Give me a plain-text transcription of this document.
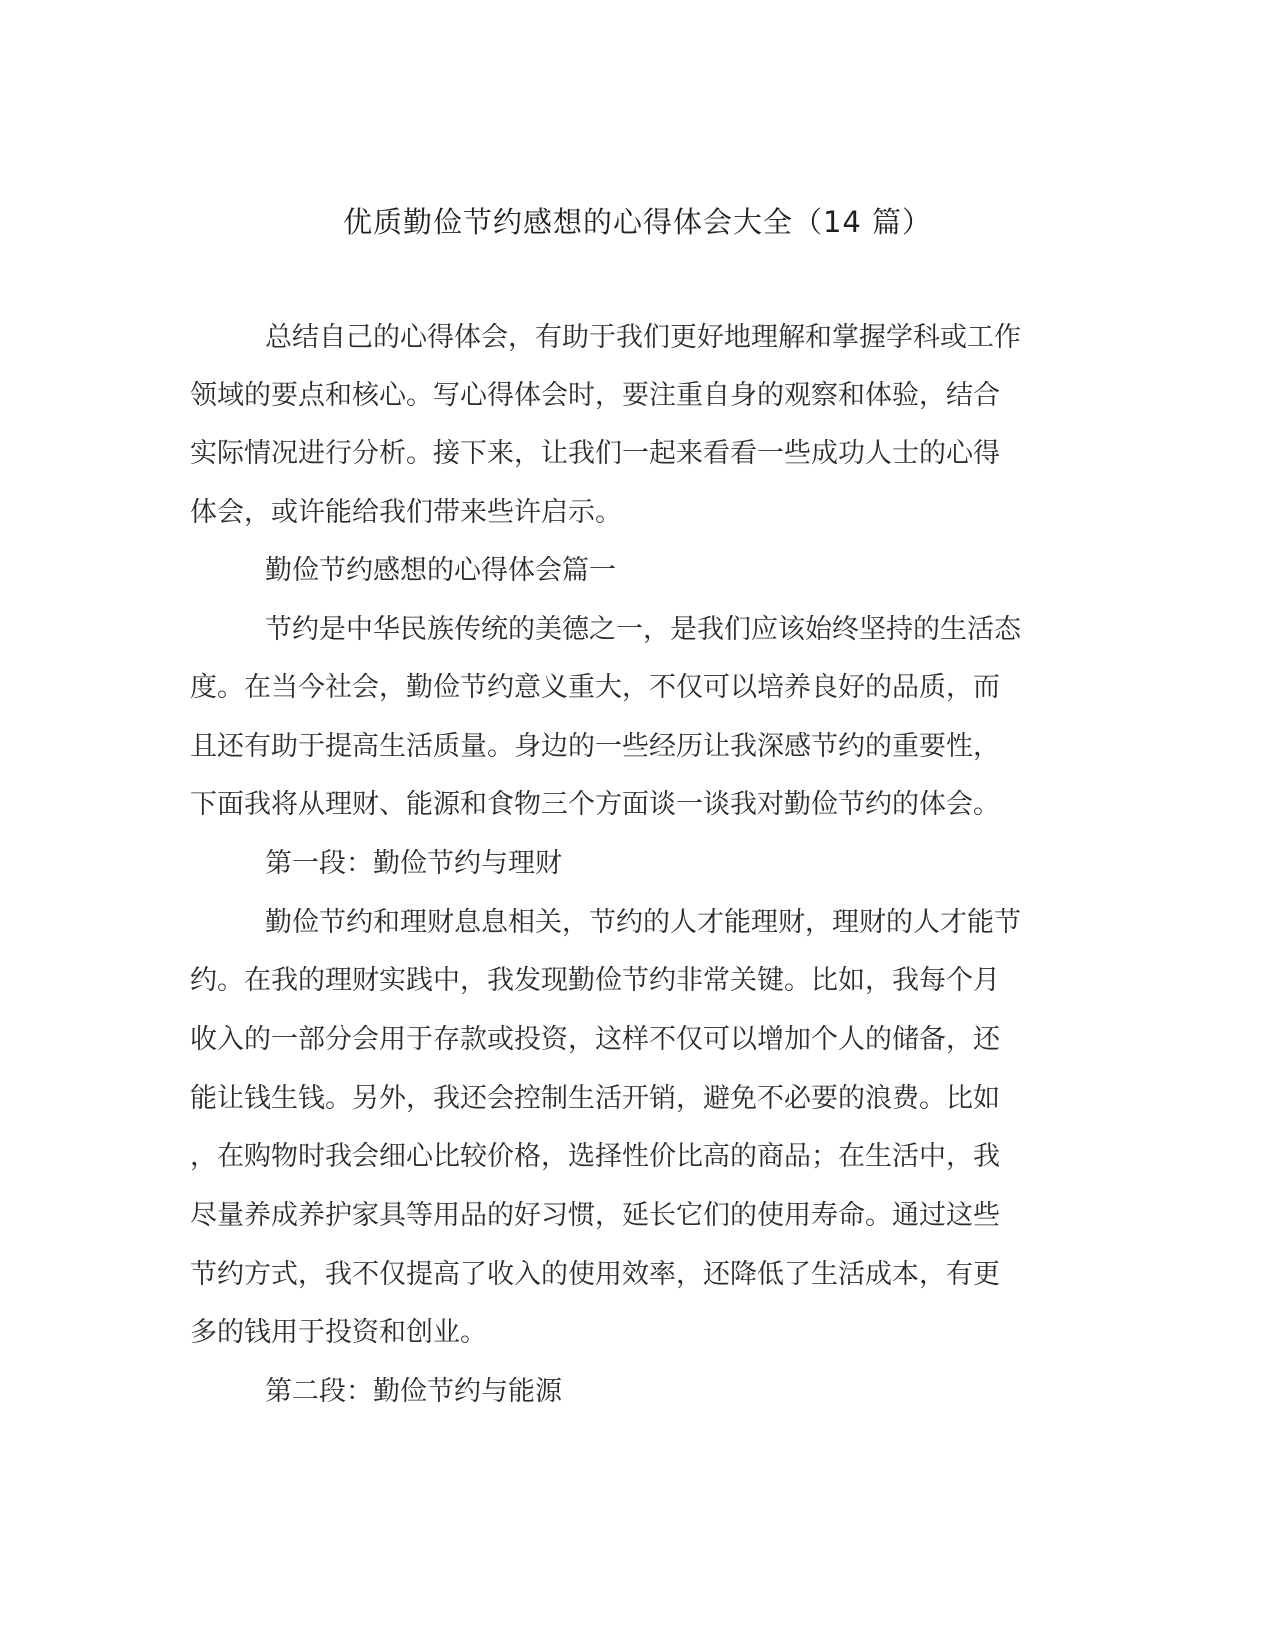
优质勤俭节约感想的心得体会大全（14 篇）

总结自己的心得体会，有助于我们更好地理解和掌握学科或工作

领域的要点和核心。写心得体会时，要注重自身的观察和体验，结合

实际情况进行分析。接下来，让我们一起来看看一些成功人士的心得

体会，或许能给我们带来些许启示。

勤俭节约感想的心得体会篇一

节约是中华民族传统的美德之一，是我们应该始终坚持的生活态

度。在当今社会，勤俭节约意义重大，不仅可以培养良好的品质，而

且还有助于提高生活质量。身边的一些经历让我深感节约的重要性，

下面我将从理财、能源和食物三个方面谈一谈我对勤俭节约的体会。

第一段：勤俭节约与理财

勤俭节约和理财息息相关，节约的人才能理财，理财的人才能节

约。在我的理财实践中，我发现勤俭节约非常关键。比如，我每个月

收入的一部分会用于存款或投资，这样不仅可以增加个人的储备，还

能让钱生钱。另外，我还会控制生活开销，避免不必要的浪费。比如

，在购物时我会细心比较价格，选择性价比高的商品；在生活中，我

尽量养成养护家具等用品的好习惯，延长它们的使用寿命。通过这些

节约方式，我不仅提高了收入的使用效率，还降低了生活成本，有更

多的钱用于投资和创业。

第二段：勤俭节约与能源
